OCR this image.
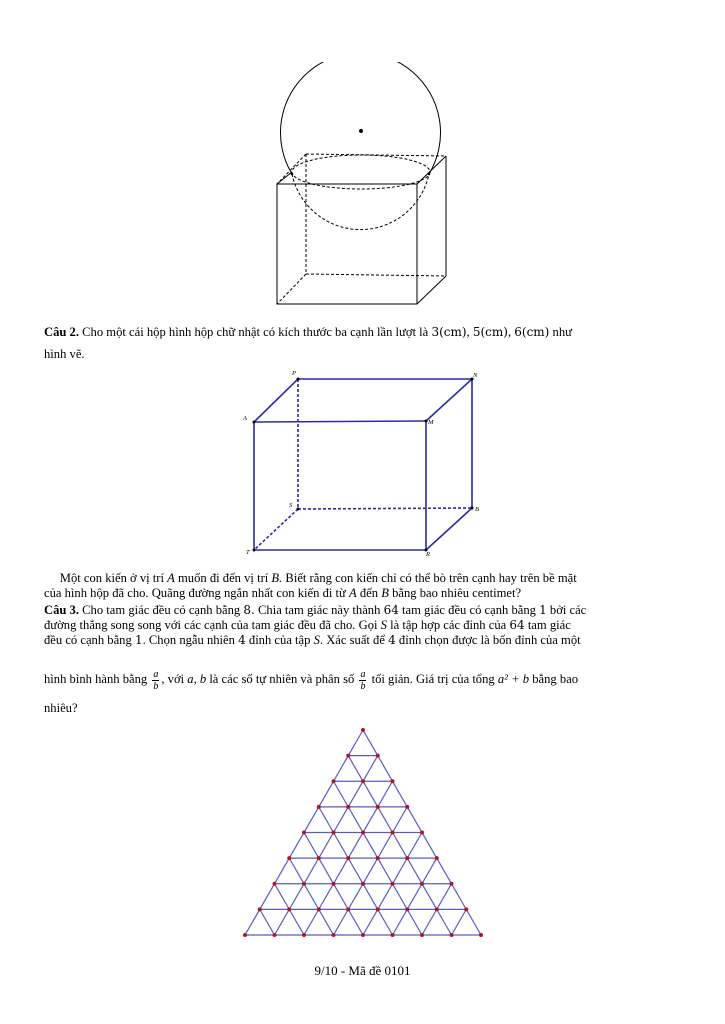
Câu 2. Cho một cái hộp hình hộp chữ nhật có kích thước ba cạnh lần lượt là 3(cm), 5(cm), 6(cm) như
hình vẽ.
P	N
A
M
S
B
T	R
Một con kiến ở vị trí A muốn đi đến vị trí B. Biết rằng con kiến chỉ có thể bò trên cạnh hay trên bề mặt
của hình hộp đã cho. Quãng đường ngắn nhất con kiến đi từ A đến B bằng bao nhiêu centimet?
Câu 3. Cho tam giác đều có cạnh bằng 8. Chia tam giác này thành 64 tam giác đều có cạnh bằng 1 bởi các
đường thẳng song song với các cạnh của tam giác đều đã cho. Gọi S là tập hợp các đỉnh của 64 tam giác
đều có cạnh bằng 1. Chọn ngẫu nhiên 4 đỉnh của tập S. Xác suất để 4 đỉnh chọn được là bốn đỉnh của một
hình bình hành bằng $\frac{a}{b}$ , với a, b là các số tự nhiên và phân số $\frac{a}{b}$ tối giản. Giá trị của tổng a² + b bằng bao
nhiêu?
9/10 - Mã đề 0101
